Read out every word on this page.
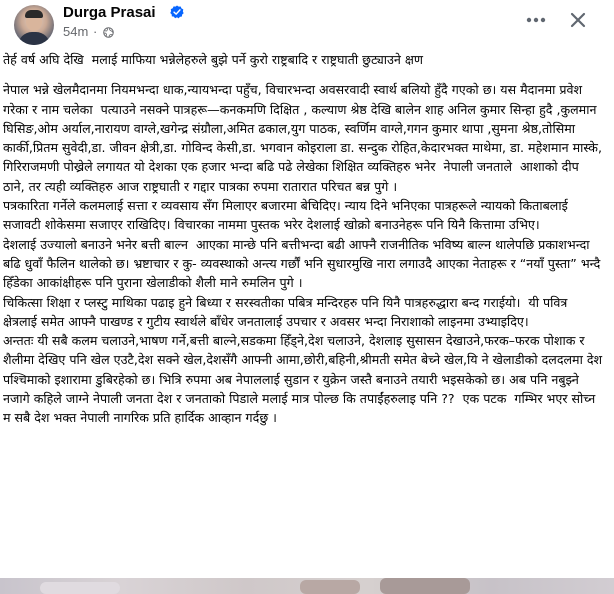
Durga Prasai
54m ·

तेर्ह वर्ष अघि देखि  मलाई माफिया भन्नेलेहरुले बुझे पर्ने कुरो राष्ट्रबादि र राष्ट्रघाती छुट्याउने क्षण

नेपाल भन्ने खेलमैदानमा नियमभन्दा धाक,न्यायभन्दा पहुँच, विचारभन्दा अवसरवादी स्वार्थ बलियो हुँदै गएको छ। यस मैदानमा प्रवेश गरेका र नाम चलेका  पत्याउने नसक्ने पात्रहरू—कनकमणि दिक्षित , कल्याण श्रेष्ठ देखि बालेन शाह अनिल कुमार सिन्हा हुदै ,कुलमान घिसिङ,ओम अर्याल,नारायण वाग्ले,खगेन्द्र संग्रौला,अमित ढकाल,युग पाठक, स्वर्णिम वाग्ले,गगन कुमार थापा ,सुमना श्रेष्ठ,तोसिमा कार्की,प्रितम सुवेदी,डा. जीवन क्षेत्री,डा. गोविन्द केसी,डा. भगवान कोइराला डा. सन्दुक रोहित,केदारभक्त माथेमा, डा. महेशमान मास्के, गिरिराजमणी पोख्रेले लगायत यो देशका एक हजार भन्दा बढि पढे लेखेका शिक्षित व्यक्तिहरु भनेर  नेपाली जनताले  आशाको दीप ठाने, तर त्यही व्यक्तिहरु आज राष्ट्रघाती र गद्दार पात्रका रुपमा रातारात परिचत बन्न पुगे ।

पत्रकारिता गर्नेले कलमलाई सत्ता र व्यवसाय सँग मिलाएर बजारमा बेचिदिए। न्याय दिने भनिएका पात्रहरूले न्यायको किताबलाई सजावटी शोकेसमा सजाएर राखिदिए। विचारका नाममा पुस्तक भरेर देशलाई खोक्रो बनाउनेहरू पनि यिनै कित्तामा उभिए।

देशलाई उज्यालो बनाउने भनेर बत्ती बाल्न  आएका मान्छे पनि बत्तीभन्दा बढी आफ्नै राजनीतिक भविष्य बाल्न थालेपछि प्रकाशभन्दा बढि धुवाँ फैलिन थालेको छ। भ्रष्टाचार र कु- व्यवस्थाको अन्त्य गर्छौं भनि सुधारमुखि नारा लगाउदै आएका नेताहरू र “नयाँ पुस्ता” भन्दै हिँडेका आकांक्षीहरू पनि पुराना खेलाडीको शैली माने रुमलिन पुगे ।

चिकित्सा शिक्षा र प्लस्टु माथिका पढाइ हुने बिध्या र सरस्वतीका पबित्र मन्दिरहरु पनि यिनै पात्रहरुद्धारा बन्द गराईयो।  यी पवित्र क्षेत्रलाई समेत आफ्नै पाखण्ड र गुटीय स्वार्थले बाँधेर जनतालाई उपचार र अवसर भन्दा निराशाको लाइनमा उभ्याइदिए।

अन्ततः यी सबै कलम चलाउने,भाषण गर्ने,बत्ती बाल्ने,सडकमा हिँड्ने,देश चलाउने, देशलाइ सुसासन देखाउने,फरक–फरक पोशाक र शैलीमा देखिए पनि खेल एउटै,देश सक्ने खेल,देशसँगै आफ्नी आमा,छोरी,बहिनी,श्रीमती समेत बेच्ने खेल,यि ने खेलाडीको दलदलमा देश पश्चिमाको इशारामा डुबिरहेको छ। भित्रि रुपमा अब नेपाललाई सुडान र युक्रेन जस्तै बनाउने तयारी भइसकेको छ। अब पनि नबुझ्ने  नजागे कहिले जाग्ने नेपाली जनता देश र जनताको पिडाले मलाई मात्र पोल्छ कि तपाईंहरुलाइ पनि ??  एक पटक  गम्भिर भएर सोच्न म सबै देश भक्त नेपाली नागरिक प्रति हार्दिक आव्हान गर्दछु ।
